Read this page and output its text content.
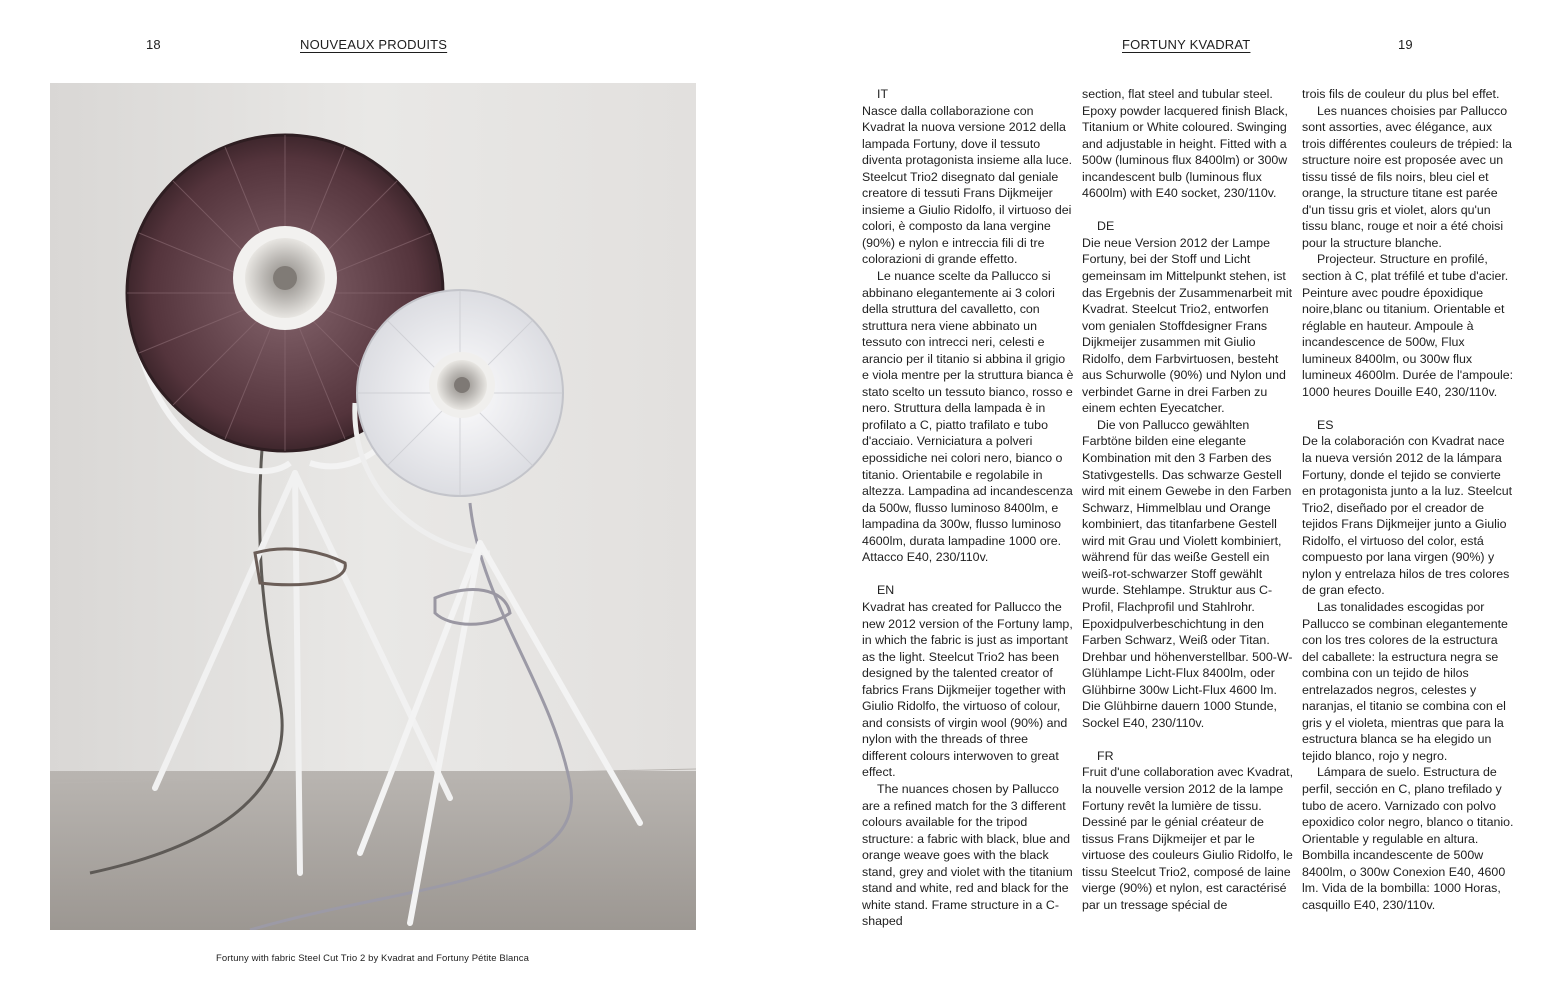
18	NOUVEAUX PRODUITS	FORTUNY KVADRAT	19
Fortuny with fabric Steel Cut Trio 2 by Kvadrat and Fortuny Pétite Blanca

IT

Nasce dalla collaborazione con Kvadrat la nuova versione 2012 della lampada Fortuny, dove il tessuto diventa protagonista insieme alla luce. Steelcut Trio2 disegnato dal geniale creatore di tessuti Frans Dijkmeijer insieme a Giulio Ridolfo, il virtuoso dei colori, è composto da lana vergine (90%) e nylon e intreccia fili di tre colorazioni di grande effetto.

Le nuance scelte da Pallucco si abbinano elegantemente ai 3 colori della struttura del cavalletto, con struttura nera viene abbinato un tessuto con intrecci neri, celesti e arancio per il titanio si abbina il grigio e viola mentre per la struttura bianca è stato scelto un tessuto bianco, rosso e nero. Struttura della lampada è in profilato a C, piatto trafilato e tubo d'acciaio. Verniciatura a polveri epossidiche nei colori nero, bianco o titanio. Orientabile e regolabile in altezza. Lampadina ad incandescenza da 500w, flusso luminoso 8400lm, e lampadina da 300w, flusso luminoso 4600lm, durata lampadine 1000 ore. Attacco E40, 230/110v.

EN

Kvadrat has created for Pallucco the new 2012 version of the Fortuny lamp, in which the fabric is just as important as the light. Steelcut Trio2 has been designed by the talented creator of fabrics Frans Dijkmeijer together with Giulio Ridolfo, the virtuoso of colour, and consists of virgin wool (90%) and nylon with the threads of three different colours interwoven to great effect.

The nuances chosen by Pallucco are a refined match for the 3 different colours available for the tripod structure: a fabric with black, blue and orange weave goes with the black stand, grey and violet with the titanium stand and white, red and black for the white stand. Frame structure in a C-shaped

section, flat steel and tubular steel. Epoxy powder lacquered finish Black, Titanium or White coloured. Swinging and adjustable in height. Fitted with a 500w (luminous flux 8400lm) or 300w incandescent bulb (luminous flux 4600lm) with E40 socket, 230/110v.

DE

Die neue Version 2012 der Lampe Fortuny, bei der Stoff und Licht gemeinsam im Mittelpunkt stehen, ist das Ergebnis der Zusammenarbeit mit Kvadrat. Steelcut Trio2, entworfen vom genialen Stoffdesigner Frans Dijkmeijer zusammen mit Giulio Ridolfo, dem Farbvirtuosen, besteht aus Schurwolle (90%) und Nylon und verbindet Garne in drei Farben zu einem echten Eyecatcher.

Die von Pallucco gewählten Farbtöne bilden eine elegante Kombination mit den 3 Farben des Stativgestells. Das schwarze Gestell wird mit einem Gewebe in den Farben Schwarz, Himmelblau und Orange kombiniert, das titanfarbene Gestell wird mit Grau und Violett kombiniert, während für das weiße Gestell ein weiß-rot-schwarzer Stoff gewählt wurde. Stehlampe. Struktur aus C-Profil, Flachprofil und Stahlrohr. Epoxidpulverbeschichtung in den Farben Schwarz, Weiß oder Titan. Drehbar und höhenverstellbar. 500-W-Glühlampe Licht-Flux 8400lm, oder Glühbirne 300w Licht-Flux 4600 lm. Die Glühbirne dauern 1000 Stunde, Sockel E40, 230/110v.

FR

Fruit d'une collaboration avec Kvadrat, la nouvelle version 2012 de la lampe Fortuny revêt la lumière de tissu. Dessiné par le génial créateur de tissus Frans Dijkmeijer et par le virtuose des couleurs Giulio Ridolfo, le tissu Steelcut Trio2, composé de laine vierge (90%) et nylon, est caractérisé par un tressage spécial de

trois fils de couleur du plus bel effet.

Les nuances choisies par Pallucco sont assorties, avec élégance, aux trois différentes couleurs de trépied: la structure noire est proposée avec un tissu tissé de fils noirs, bleu ciel et orange, la structure titane est parée d'un tissu gris et violet, alors qu'un tissu blanc, rouge et noir a été choisi pour la structure blanche.

Projecteur. Structure en profilé, section à C, plat tréfilé et tube d'acier. Peinture avec poudre époxidique noire,blanc ou titanium. Orientable et réglable en hauteur. Ampoule à incandescence de 500w, Flux lumineux 8400lm, ou 300w flux lumineux 4600lm. Durée de l'ampoule: 1000 heures Douille E40, 230/110v.

ES

De la colaboración con Kvadrat nace la nueva versión 2012 de la lámpara Fortuny, donde el tejido se convierte en protagonista junto a la luz. Steelcut Trio2, diseñado por el creador de tejidos Frans Dijkmeijer junto a Giulio Ridolfo, el virtuoso del color, está compuesto por lana virgen (90%) y nylon y entrelaza hilos de tres colores de gran efecto.

Las tonalidades escogidas por Pallucco se combinan elegantemente con los tres colores de la estructura del caballete: la estructura negra se combina con un tejido de hilos entrelazados negros, celestes y naranjas, el titanio se combina con el gris y el violeta, mientras que para la estructura blanca se ha elegido un tejido blanco, rojo y negro.

Lámpara de suelo. Estructura de perfil, sección en C, plano trefilado y tubo de acero. Varnizado con polvo epoxidico color negro, blanco o titanio. Orientable y regulable en altura. Bombilla incandescente de 500w 8400lm, o 300w Conexion E40, 4600 lm. Vida de la bombilla: 1000 Horas, casquillo E40, 230/110v.
